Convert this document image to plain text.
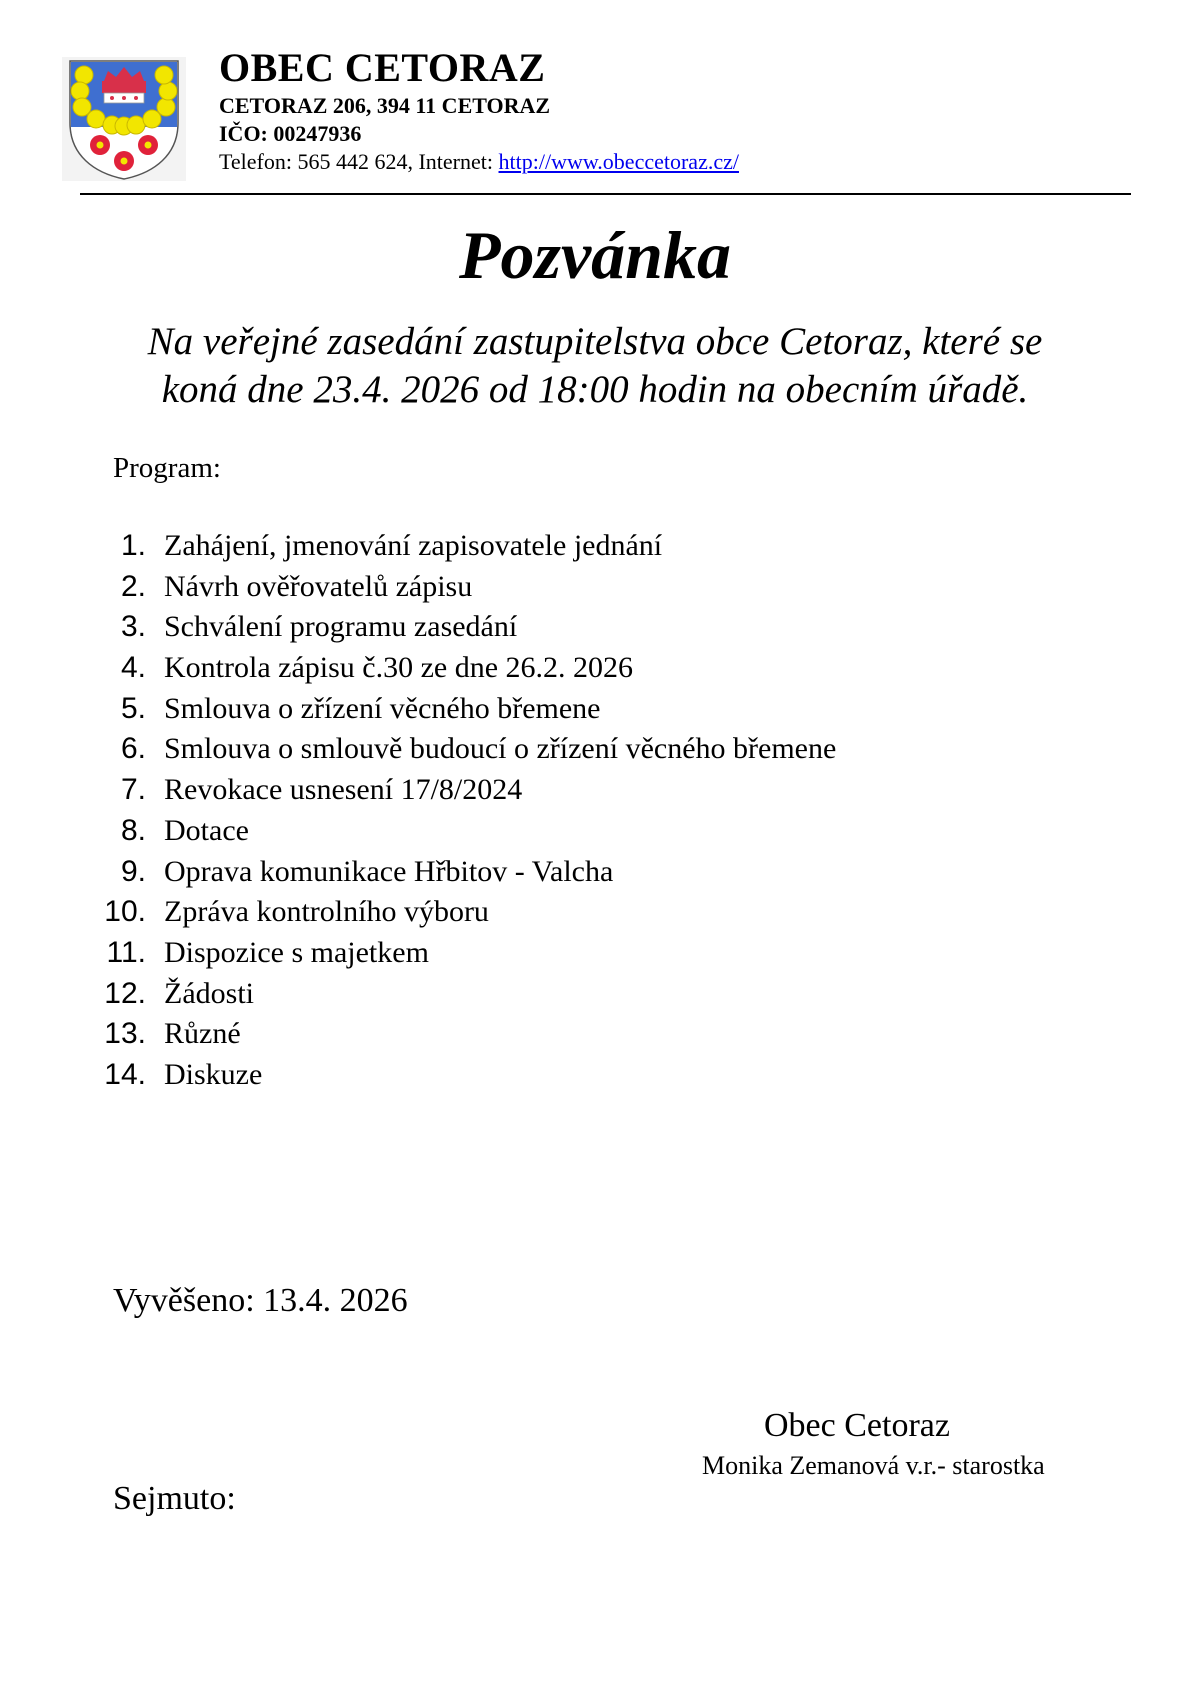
OBEC CETORAZ
CETORAZ 206, 394 11 CETORAZ
IČO: 00247936
Telefon: 565 442 624, Internet: http://www.obeccetoraz.cz/
Pozvánka
Na veřejné zasedání zastupitelstva obce Cetoraz, které se
koná dne 23.4. 2026 od 18:00 hodin na obecním úřadě.
Program:
1. Zahájení, jmenování zapisovatele jednání
2. Návrh ověřovatelů zápisu
3. Schválení programu zasedání
4. Kontrola zápisu č.30 ze dne 26.2. 2026
5. Smlouva o zřízení věcného břemene
6. Smlouva o smlouvě budoucí o zřízení věcného břemene
7. Revokace usnesení 17/8/2024
8. Dotace
9. Oprava komunikace Hřbitov - Valcha
10. Zpráva kontrolního výboru
11. Dispozice s majetkem
12. Žádosti
13. Různé
14. Diskuze
Vyvěšeno: 13.4. 2026
Obec Cetoraz
Monika Zemanová v.r.- starostka
Sejmuto:
